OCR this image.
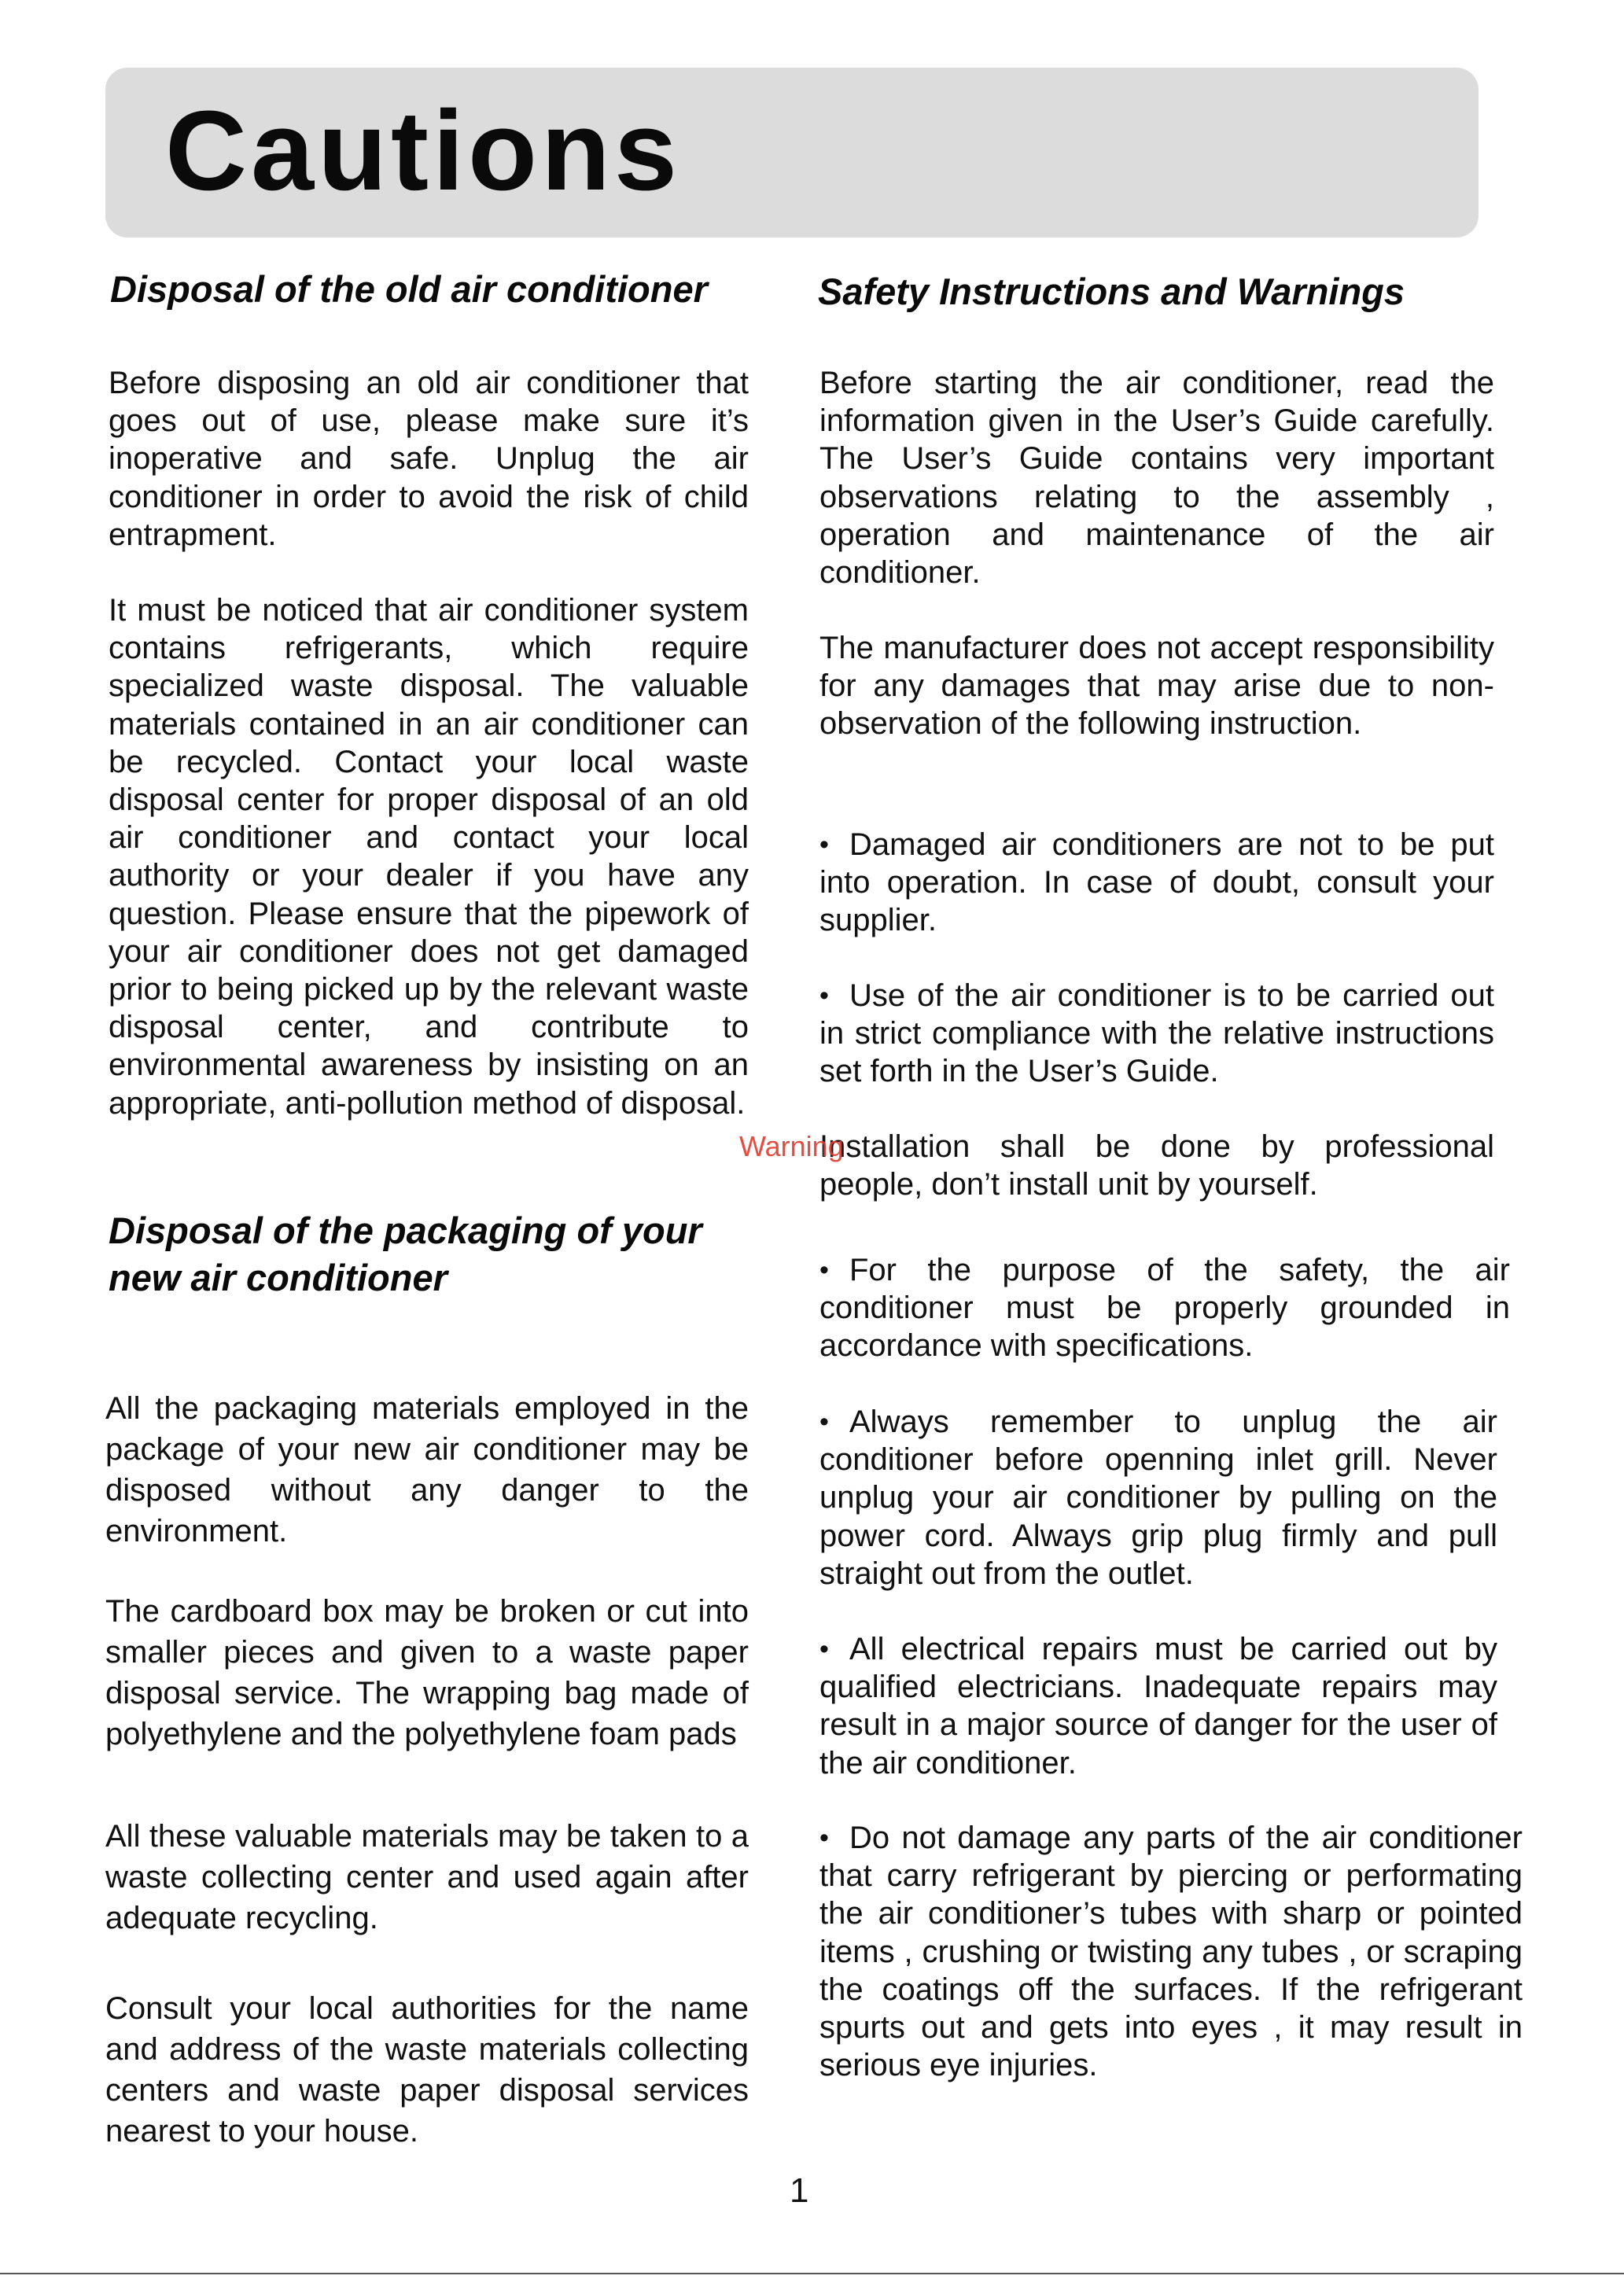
Cautions
Disposal of the old air conditioner

Before disposing an old air conditioner that goes out of use, please make sure it’s inoperative and safe. Unplug the air conditioner in order to avoid the risk of child entrapment.

It must be noticed that air conditioner system contains refrigerants, which require specialized waste disposal. The valuable materials contained in an air conditioner can be recycled. Contact your local waste disposal center for proper disposal of an old air conditioner and contact your local authority or your dealer if you have any question. Please ensure that the pipework of your air conditioner does not get damaged prior to being picked up by the relevant waste disposal center, and contribute to environmental awareness by insisting on an appropriate, anti-pollution method of disposal.

Disposal of the packaging of your new air conditioner

All the packaging materials employed in the package of your new air conditioner may be disposed without any danger to the environment.

The cardboard box may be broken or cut into smaller pieces and given to a waste paper disposal service. The wrapping bag made of polyethylene and the polyethylene foam pads

All these valuable materials may be taken to a waste collecting center and used again after adequate recycling.

Consult your local authorities for the name and address of the waste materials collecting centers and waste paper disposal services nearest to your house.

Safety Instructions and Warnings

Before starting the air conditioner, read the information given in the User’s Guide carefully. The User’s Guide contains very important observations relating to the assembly , operation and maintenance of the air conditioner.

The manufacturer does not accept responsibility for any damages that may arise due to non-observation of the following instruction.

• Damaged air conditioners are not to be put into operation. In case of doubt, consult your supplier.

• Use of the air conditioner is to be carried out in strict compliance with the relative instructions set forth in the User’s Guide.

Installation shall be done by professional people, don’t install unit by yourself.

• For the purpose of the safety, the air conditioner must be properly grounded in accordance with specifications.

• Always remember to unplug the air conditioner before openning inlet grill. Never unplug your air conditioner by pulling on the power cord. Always grip plug firmly and pull straight out from the outlet.

• All electrical repairs must be carried out by qualified electricians. Inadequate repairs may result in a major source of danger for the user of the air conditioner.

• Do not damage any parts of the air conditioner that carry refrigerant by piercing or performating the air conditioner’s tubes with sharp or pointed items , crushing or twisting any tubes , or scraping the coatings off the surfaces. If the refrigerant spurts out and gets into eyes , it may result in serious eye injuries.

Warning

1
